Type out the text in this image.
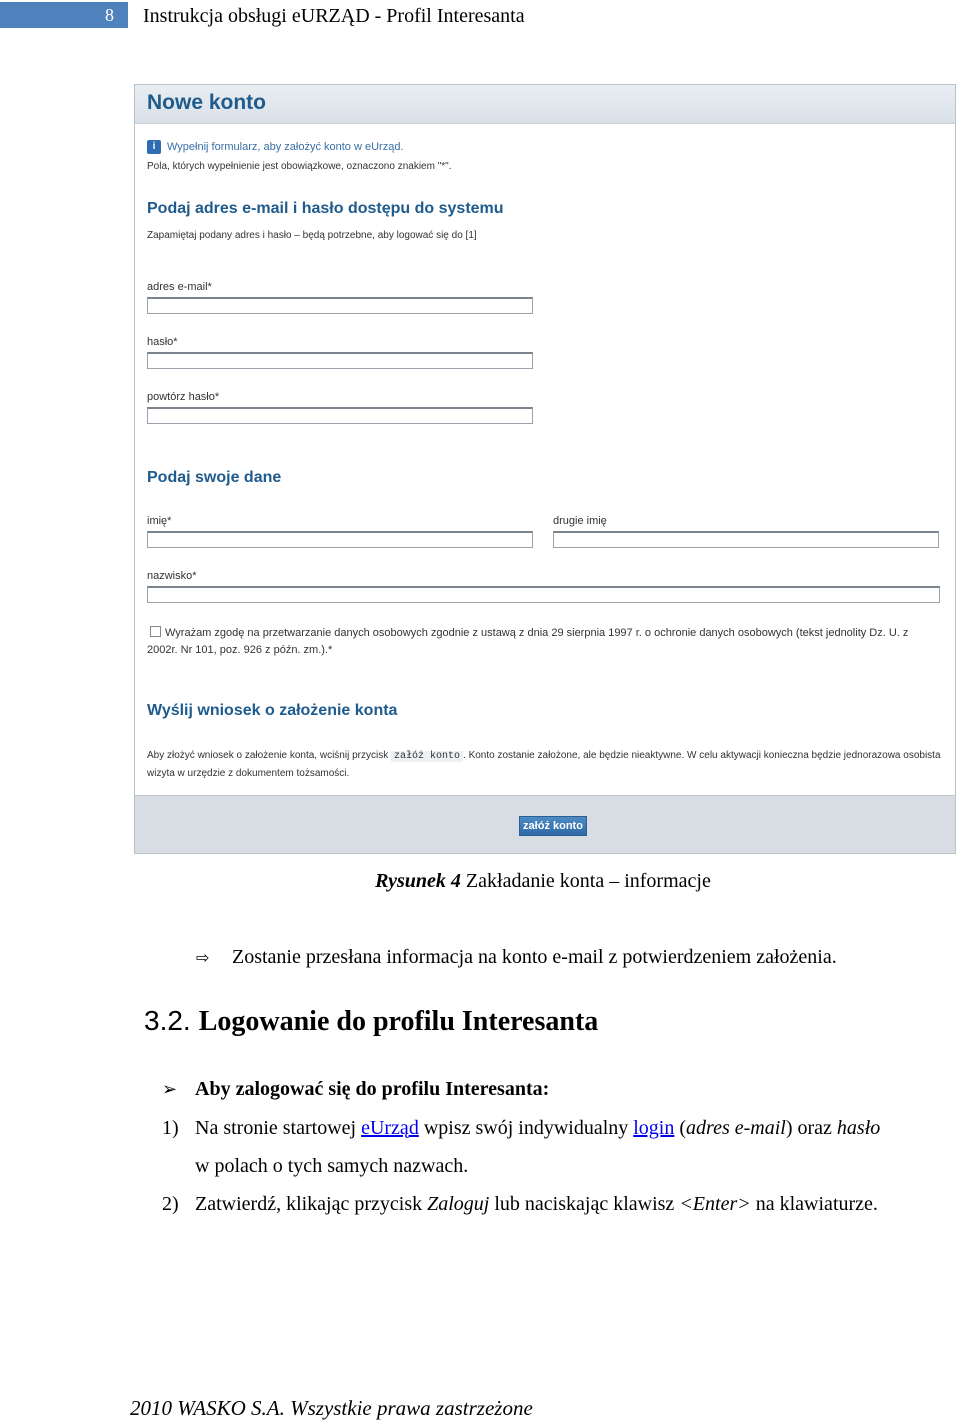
8	Instrukcja obsługi eURZĄD - Profil Interesanta
Nowe konto
i Wypełnij formularz, aby założyć konto w eUrząd.
Pola, których wypełnienie jest obowiązkowe, oznaczono znakiem "*".
Podaj adres e-mail i hasło dostępu do systemu
Zapamiętaj podany adres i hasło – będą potrzebne, aby logować się do [1]
adres e-mail*
hasło*
powtórz hasło*
Podaj swoje dane
imię*	drugie imię
nazwisko*
Wyrażam zgodę na przetwarzanie danych osobowych zgodnie z ustawą z dnia 29 sierpnia 1997 r. o ochronie danych osobowych (tekst jednolity Dz. U. z 2002r. Nr 101, poz. 926 z późn. zm.).*
Wyślij wniosek o założenie konta
Aby złożyć wniosek o założenie konta, wciśnij przycisk załóż konto . Konto zostanie założone, ale będzie nieaktywne. W celu aktywacji konieczna będzie jednorazowa osobista wizyta w urzędzie z dokumentem tożsamości.
załóż konto
Rysunek 4 Zakładanie konta – informacje
⇨ Zostanie przesłana informacja na konto e-mail z potwierdzeniem założenia.
3.2. Logowanie do profilu Interesanta
➢ Aby zalogować się do profilu Interesanta:
1) Na stronie startowej eUrząd wpisz swój indywidualny login (adres e-mail) oraz hasło
w polach o tych samych nazwach.
2) Zatwierdź, klikając przycisk Zaloguj lub naciskając klawisz <Enter> na klawiaturze.
2010 WASKO S.A. Wszystkie prawa zastrzeżone
